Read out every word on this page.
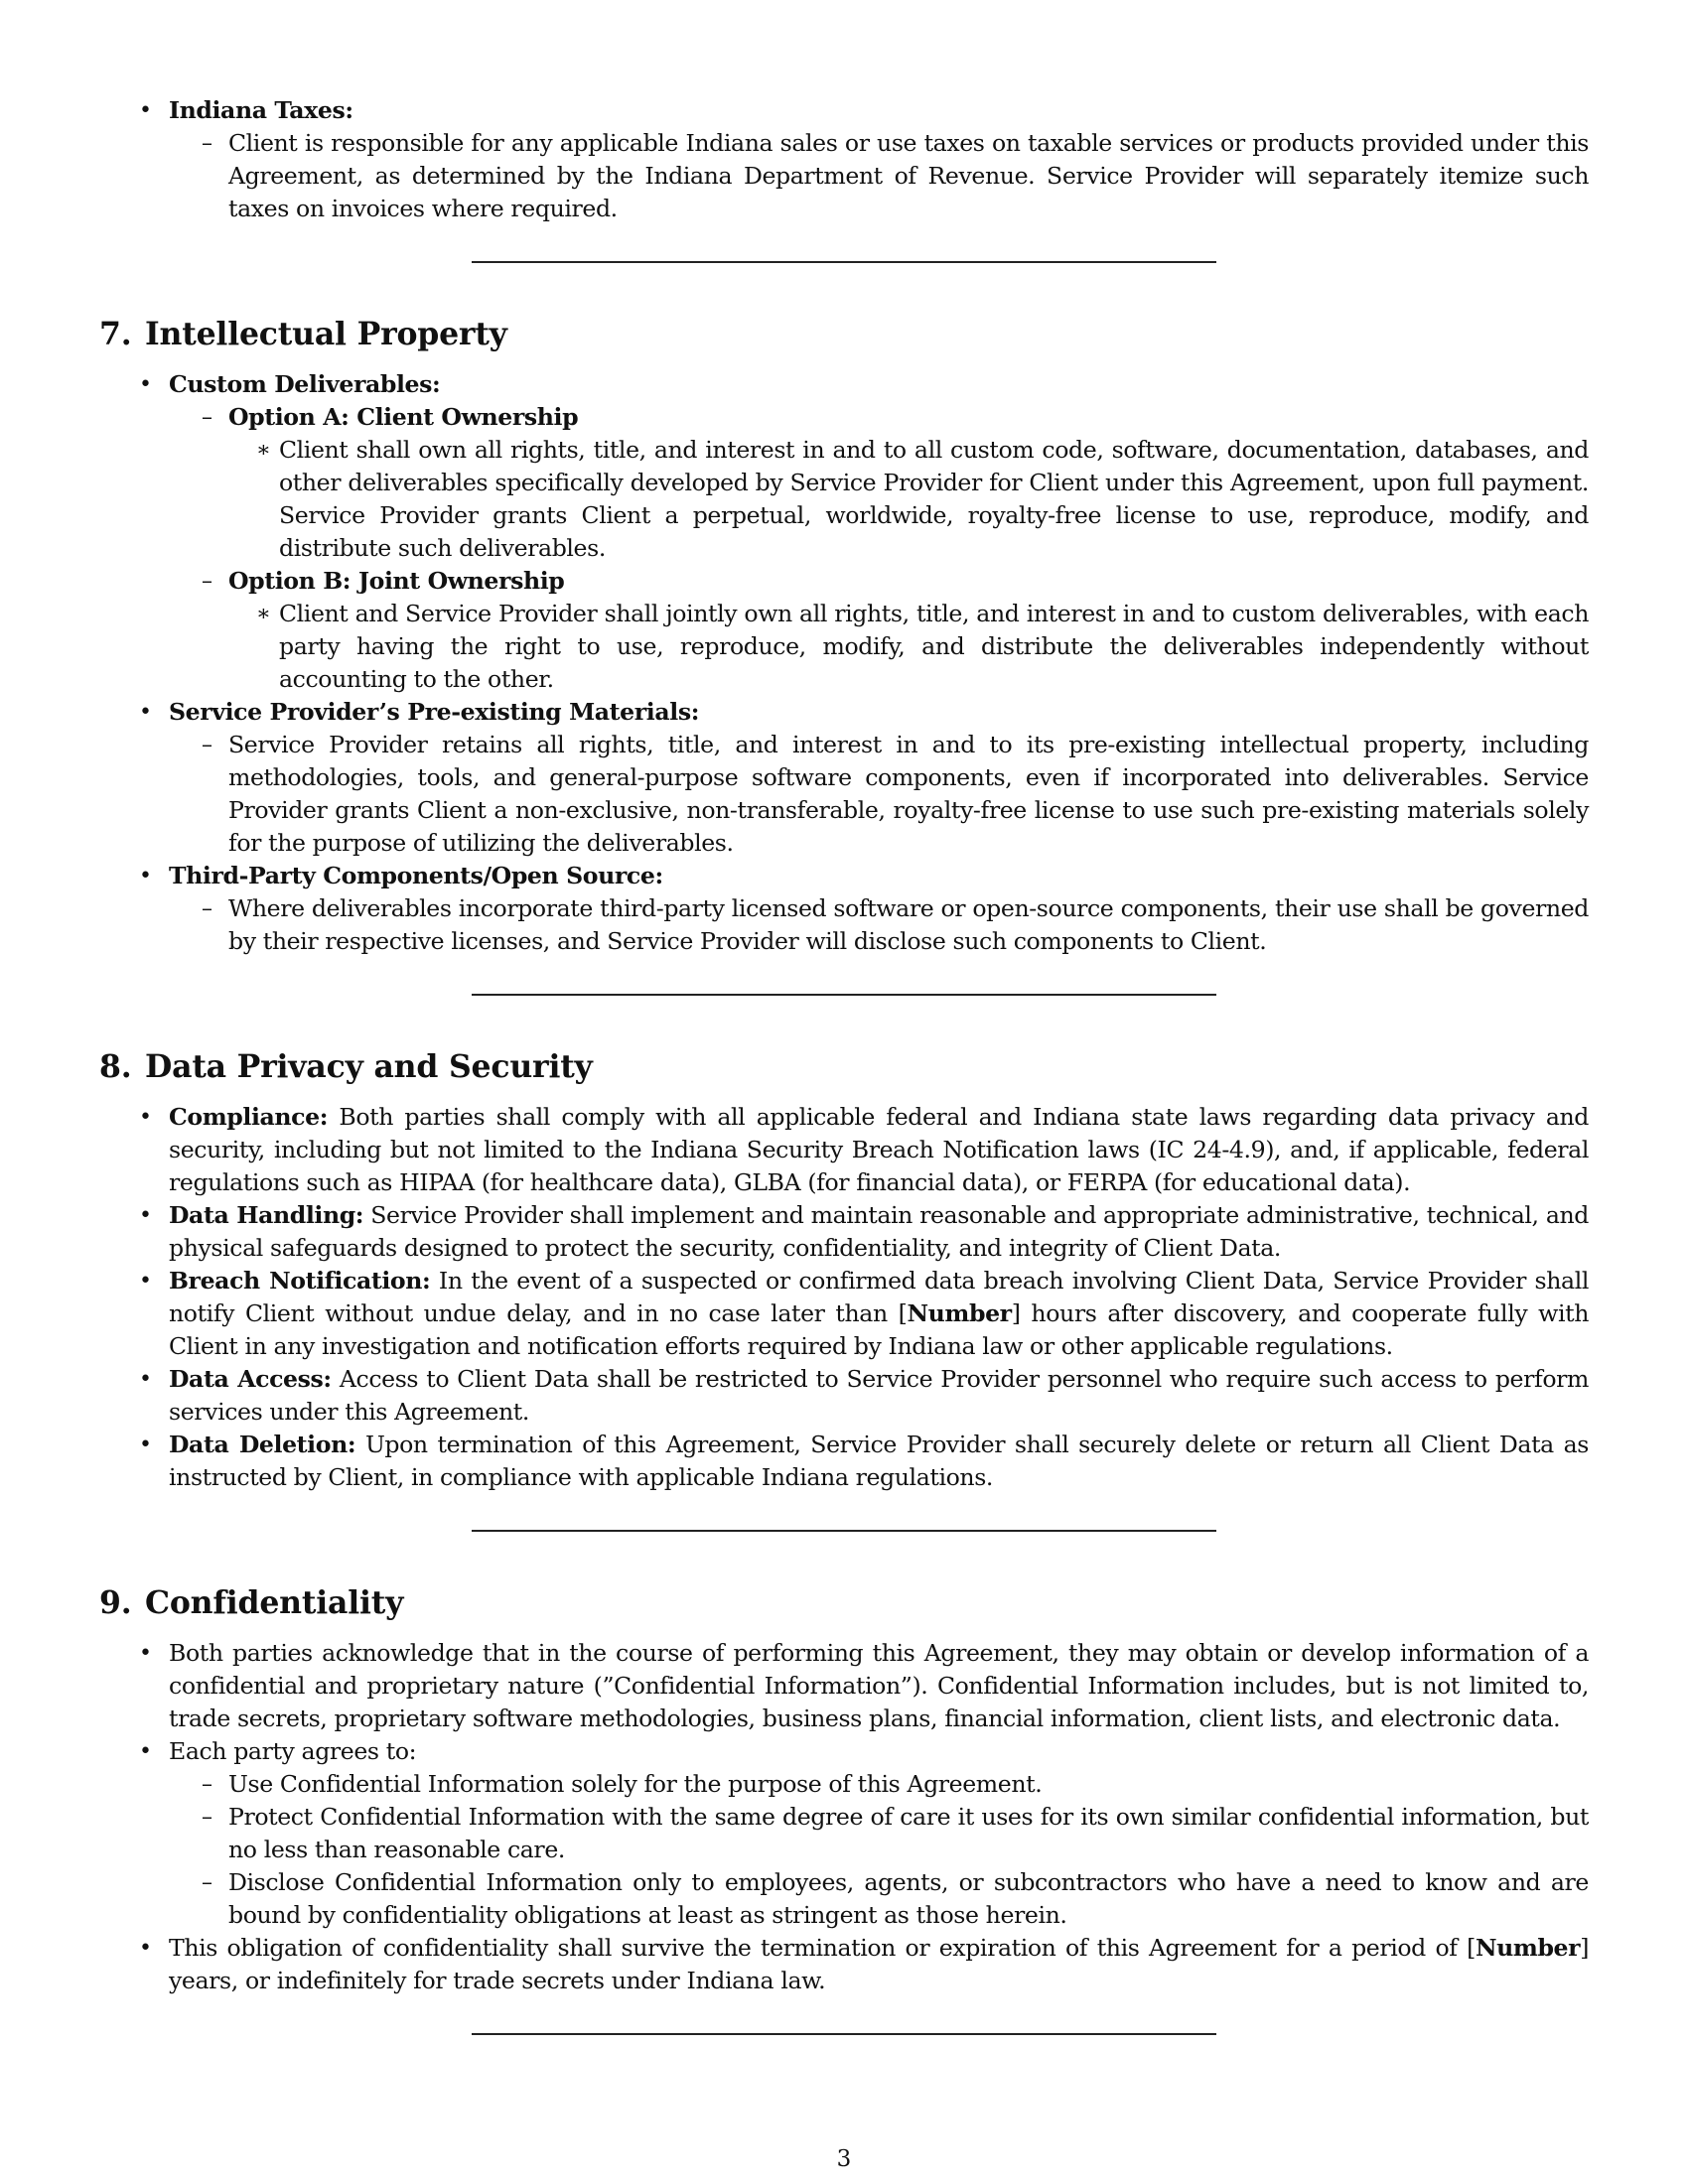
• Indiana Taxes:

– Client is responsible for any applicable Indiana sales or use taxes on taxable services or products provided under this Agreement, as determined by the Indiana Department of Revenue. Service Provider will separately itemize such taxes on invoices where required.

7. Intellectual Property
• Custom Deliverables:
– Option A: Client Ownership

∗ Client shall own all rights, title, and interest in and to all custom code, software, documentation, databases, and other deliverables specifically developed by Service Provider for Client under this Agreement, upon full payment. Service Provider grants Client a perpetual, worldwide, royalty-free license to use, reproduce, modify, and distribute such deliverables.

– Option B: Joint Ownership

∗ Client and Service Provider shall jointly own all rights, title, and interest in and to custom deliverables, with each party having the right to use, reproduce, modify, and distribute the deliverables independently without accounting to the other.

• Service Provider’s Pre-existing Materials:

– Service Provider retains all rights, title, and interest in and to its pre-existing intellectual property, including methodologies, tools, and general-purpose software components, even if incorporated into deliverables. Service Provider grants Client a non-exclusive, non-transferable, royalty-free license to use such pre-existing materials solely for the purpose of utilizing the deliverables.

• Third-Party Components/Open Source:

– Where deliverables incorporate third-party licensed software or open-source components, their use shall be governed by their respective licenses, and Service Provider will disclose such components to Client.

8. Data Privacy and Security

• Compliance: Both parties shall comply with all applicable federal and Indiana state laws regarding data privacy and security, including but not limited to the Indiana Security Breach Notification laws (IC 24-4.9), and, if applicable, federal regulations such as HIPAA (for healthcare data), GLBA (for financial data), or FERPA (for educational data).

• Data Handling: Service Provider shall implement and maintain reasonable and appropriate administrative, technical, and physical safeguards designed to protect the security, confidentiality, and integrity of Client Data.

• Breach Notification: In the event of a suspected or confirmed data breach involving Client Data, Service Provider shall notify Client without undue delay, and in no case later than [Number] hours after discovery, and cooperate fully with Client in any investigation and notification efforts required by Indiana law or other applicable regulations.

• Data Access: Access to Client Data shall be restricted to Service Provider personnel who require such access to perform services under this Agreement.

• Data Deletion: Upon termination of this Agreement, Service Provider shall securely delete or return all Client Data as instructed by Client, in compliance with applicable Indiana regulations.

9. Confidentiality

• Both parties acknowledge that in the course of performing this Agreement, they may obtain or develop information of a confidential and proprietary nature (”Confidential Information”). Confidential Information includes, but is not limited to, trade secrets, proprietary software methodologies, business plans, financial information, client lists, and electronic data.

• Each party agrees to:

– Use Confidential Information solely for the purpose of this Agreement.

– Protect Confidential Information with the same degree of care it uses for its own similar confidential information, but no less than reasonable care.

– Disclose Confidential Information only to employees, agents, or subcontractors who have a need to know and are bound by confidentiality obligations at least as stringent as those herein.

• This obligation of confidentiality shall survive the termination or expiration of this Agreement for a period of [Number] years, or indefinitely for trade secrets under Indiana law.

3
